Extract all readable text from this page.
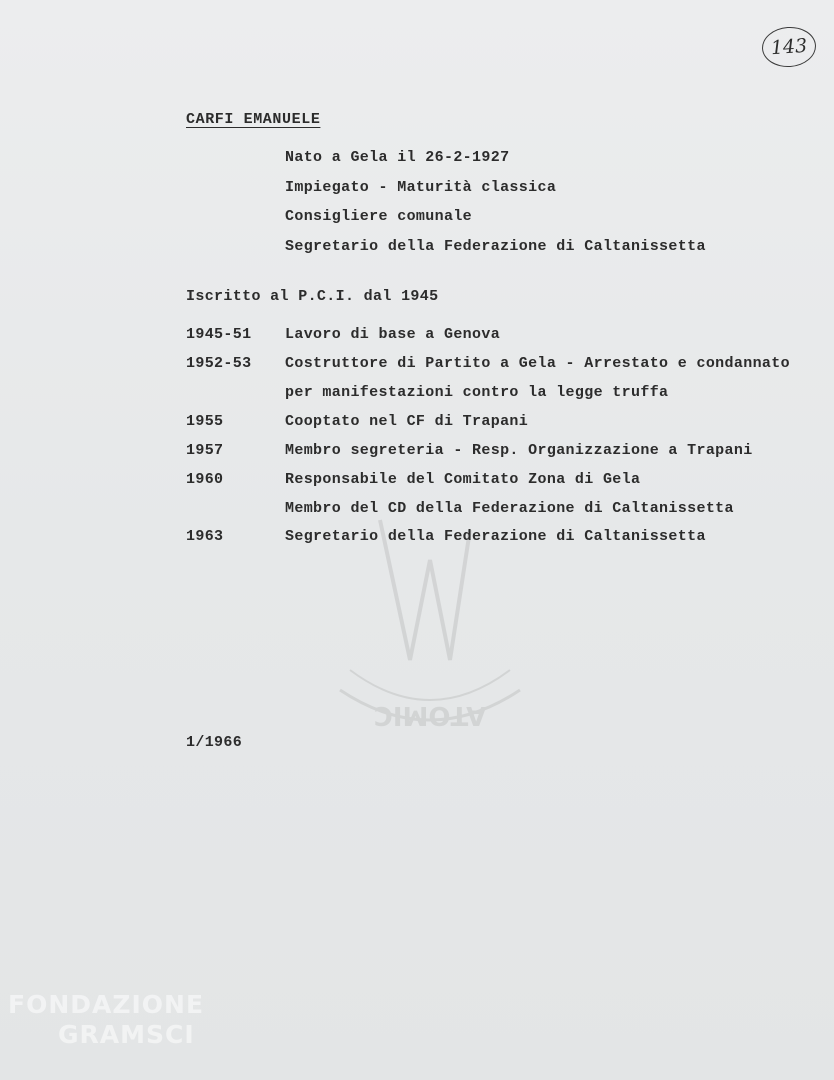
143
ATOMIC
CARFI EMANUELE
Nato a Gela il 26-2-1927
Impiegato - Maturità classica
Consigliere comunale
Segretario della Federazione di Caltanissetta
Iscritto al P.C.I. dal 1945
1945-51 Lavoro di base a Genova
1952-53 Costruttore di Partito a Gela - Arrestato e condannato
per manifestazioni contro la legge truffa
1955	Cooptato nel CF di Trapani
1957	Membro segreteria - Resp. Organizzazione a Trapani
1960	Responsabile del Comitato Zona di Gela
Membro del CD della Federazione di Caltanissetta
1963	Segretario della Federazione di Caltanissetta
1/1966
FONDAZIONE
GRAMSCI
